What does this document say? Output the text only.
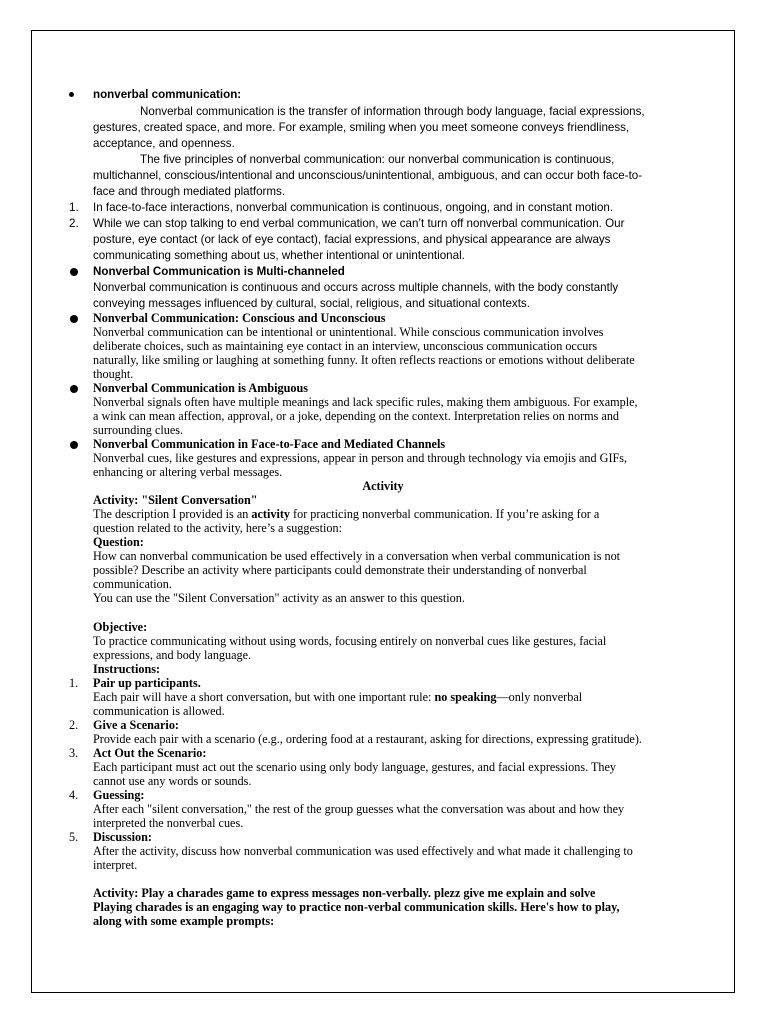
nonverbal communication:
Nonverbal communication is the transfer of information through body language, facial expressions,
gestures, created space, and more. For example, smiling when you meet someone conveys friendliness,
acceptance, and openness.
The five principles of nonverbal communication: our nonverbal communication is continuous,
multichannel, conscious/intentional and unconscious/unintentional, ambiguous, and can occur both face-to-
face and through mediated platforms.
1. In face-to-face interactions, nonverbal communication is continuous, ongoing, and in constant motion.
2. While we can stop talking to end verbal communication, we can’t turn off nonverbal communication. Our
posture, eye contact (or lack of eye contact), facial expressions, and physical appearance are always
communicating something about us, whether intentional or unintentional.
Nonverbal Communication is Multi-channeled
Nonverbal communication is continuous and occurs across multiple channels, with the body constantly
conveying messages influenced by cultural, social, religious, and situational contexts.
Nonverbal Communication: Conscious and Unconscious
Nonverbal communication can be intentional or unintentional. While conscious communication involves
deliberate choices, such as maintaining eye contact in an interview, unconscious communication occurs
naturally, like smiling or laughing at something funny. It often reflects reactions or emotions without deliberate
thought.
Nonverbal Communication is Ambiguous
Nonverbal signals often have multiple meanings and lack specific rules, making them ambiguous. For example,
a wink can mean affection, approval, or a joke, depending on the context. Interpretation relies on norms and
surrounding clues.
Nonverbal Communication in Face-to-Face and Mediated Channels
Nonverbal cues, like gestures and expressions, appear in person and through technology via emojis and GIFs,
enhancing or altering verbal messages.
Activity
Activity: "Silent Conversation"
The description I provided is an activity for practicing nonverbal communication. If you’re asking for a
question related to the activity, here’s a suggestion:
Question:
How can nonverbal communication be used effectively in a conversation when verbal communication is not
possible? Describe an activity where participants could demonstrate their understanding of nonverbal
communication.
You can use the "Silent Conversation" activity as an answer to this question.
Objective:
To practice communicating without using words, focusing entirely on nonverbal cues like gestures, facial
expressions, and body language.
Instructions:
1. Pair up participants.
Each pair will have a short conversation, but with one important rule: no speaking—only nonverbal
communication is allowed.
2. Give a Scenario:
Provide each pair with a scenario (e.g., ordering food at a restaurant, asking for directions, expressing gratitude).
3. Act Out the Scenario:
Each participant must act out the scenario using only body language, gestures, and facial expressions. They
cannot use any words or sounds.
4. Guessing:
After each "silent conversation," the rest of the group guesses what the conversation was about and how they
interpreted the nonverbal cues.
5. Discussion:
After the activity, discuss how nonverbal communication was used effectively and what made it challenging to
interpret.
Activity: Play a charades game to express messages non-verbally. plezz give me explain and solve
Playing charades is an engaging way to practice non-verbal communication skills. Here's how to play,
along with some example prompts:
